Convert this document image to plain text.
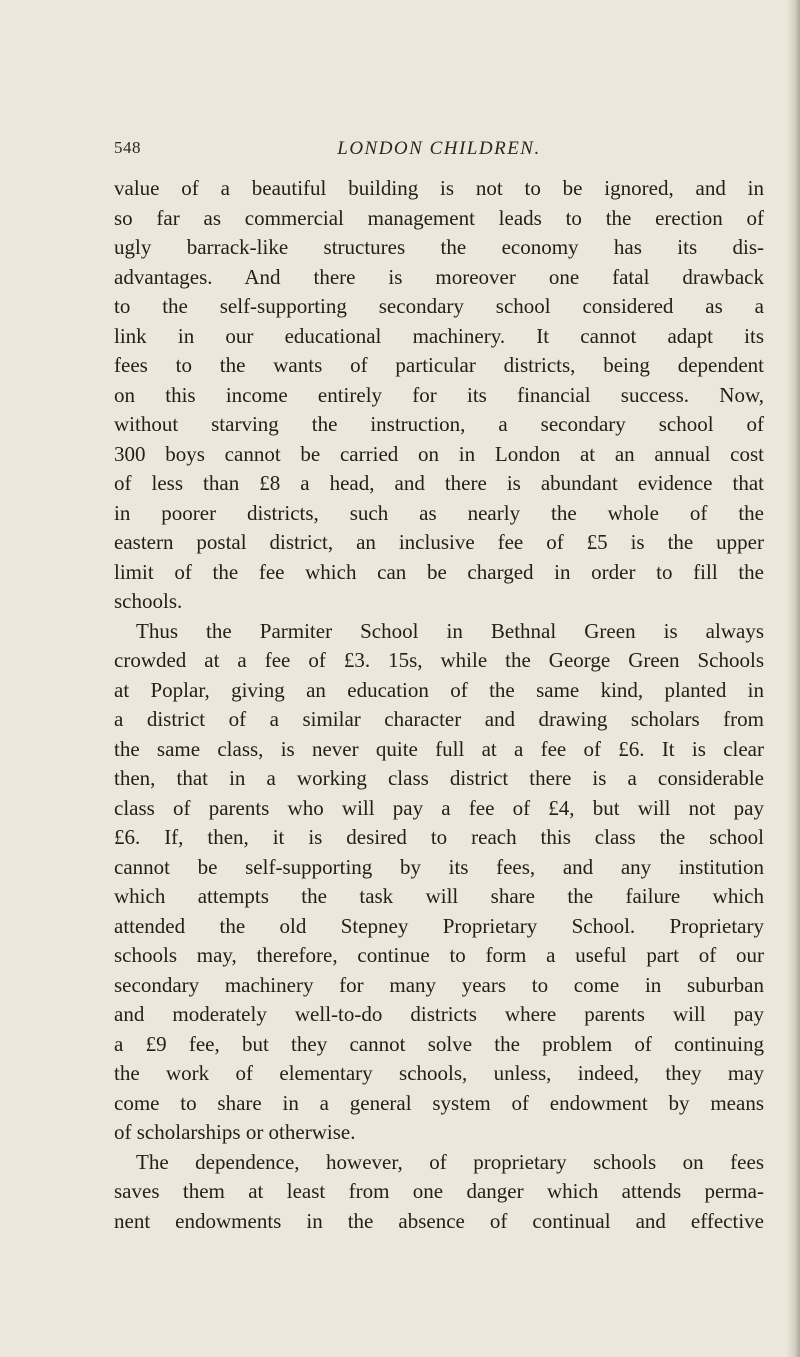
548	LONDON CHILDREN.
value of a beautiful building is not to be ignored, and in
so far as commercial management leads to the erection of
ugly barrack-like structures the economy has its dis-
advantages. And there is moreover one fatal drawback
to the self-supporting secondary school considered as a
link in our educational machinery. It cannot adapt its
fees to the wants of particular districts, being dependent
on this income entirely for its financial success. Now,
without starving the instruction, a secondary school of
300 boys cannot be carried on in London at an annual cost
of less than £8 a head, and there is abundant evidence that
in poorer districts, such as nearly the whole of the
eastern postal district, an inclusive fee of £5 is the upper
limit of the fee which can be charged in order to fill the
schools.
Thus the Parmiter School in Bethnal Green is always
crowded at a fee of £3. 15s, while the George Green Schools
at Poplar, giving an education of the same kind, planted in
a district of a similar character and drawing scholars from
the same class, is never quite full at a fee of £6. It is clear
then, that in a working class district there is a considerable
class of parents who will pay a fee of £4, but will not pay
£6. If, then, it is desired to reach this class the school
cannot be self-supporting by its fees, and any institution
which attempts the task will share the failure which
attended the old Stepney Proprietary School. Proprietary
schools may, therefore, continue to form a useful part of our
secondary machinery for many years to come in suburban
and moderately well-to-do districts where parents will pay
a £9 fee, but they cannot solve the problem of continuing
the work of elementary schools, unless, indeed, they may
come to share in a general system of endowment by means
of scholarships or otherwise.
The dependence, however, of proprietary schools on fees
saves them at least from one danger which attends perma-
nent endowments in the absence of continual and effective
